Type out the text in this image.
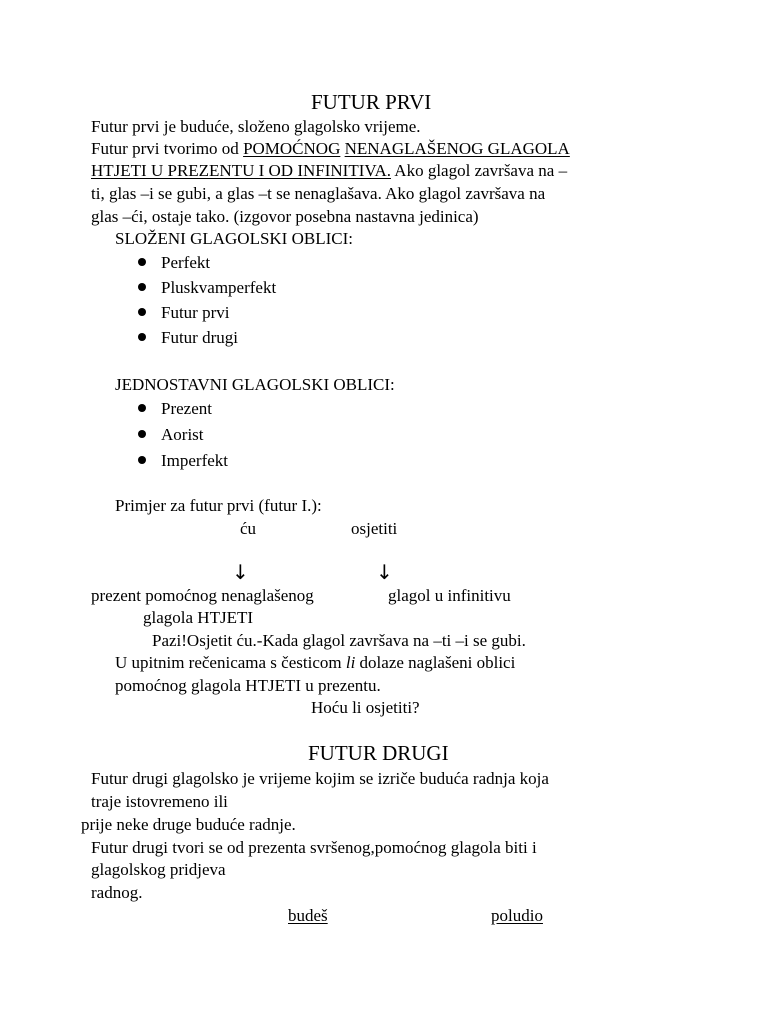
FUTUR PRVI
Futur prvi je buduće, složeno glagolsko vrijeme.
Futur prvi tvorimo od POMOĆNOG NENAGLAŠENOG GLAGOLA
HTJETI U PREZENTU I OD INFINITIVA. Ako glagol završava na –
ti, glas –i se gubi, a glas –t se nenaglašava. Ako glagol završava na
glas –ći, ostaje tako. (izgovor posebna nastavna jedinica)
SLOŽENI GLAGOLSKI OBLICI:
Perfekt
Pluskvamperfekt
Futur prvi
Futur drugi
JEDNOSTAVNI GLAGOLSKI OBLICI:
Prezent
Aorist
Imperfekt
Primjer za futur prvi (futur I.):
ću	osjetiti
↓	↓
prezent pomoćnog nenaglašenog	glagol u infinitivu
glagola HTJETI
Pazi!Osjetit ću.-Kada glagol završava na –ti –i se gubi.
U upitnim rečenicama s česticom li dolaze naglašeni oblici
pomoćnog glagola HTJETI u prezentu.
Hoću li osjetiti?
FUTUR DRUGI
Futur drugi glagolsko je vrijeme kojim se izriče buduća radnja koja
traje istovremeno ili
prije neke druge buduće radnje.
Futur drugi tvori se od prezenta svršenog,pomoćnog glagola biti i
glagolskog pridjeva
radnog.
budeš	poludio
